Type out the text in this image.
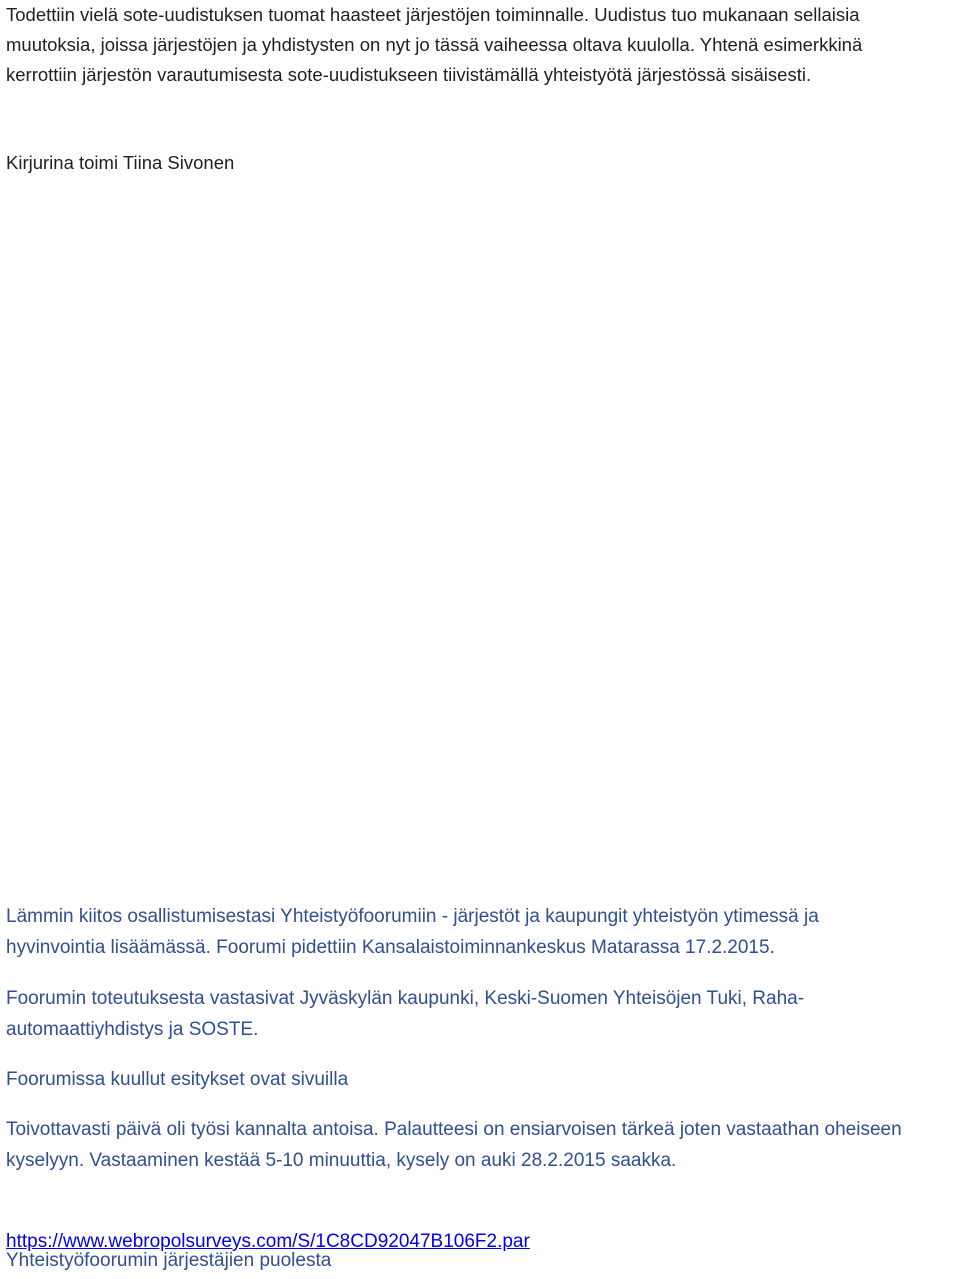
Todettiin vielä sote-uudistuksen tuomat haasteet järjestöjen toiminnalle. Uudistus tuo mukanaan sellaisia
muutoksia, joissa järjestöjen ja yhdistysten on nyt jo tässä vaiheessa oltava kuulolla. Yhtenä esimerkkinä
kerrottiin järjestön varautumisesta sote-uudistukseen tiivistämällä yhteistyötä järjestössä sisäisesti.

Kirjurina toimi Tiina Sivonen

Lämmin kiitos osallistumisestasi Yhteistyöfoorumiin - järjestöt ja kaupungit yhteistyön ytimessä ja
hyvinvointia lisäämässä. Foorumi pidettiin Kansalaistoiminnankeskus Matarassa 17.2.2015.

Foorumin toteutuksesta vastasivat Jyväskylän kaupunki, Keski-Suomen Yhteisöjen Tuki, Raha-
automaattiyhdistys ja SOSTE.

Foorumissa kuullut esitykset ovat sivuilla

Toivottavasti päivä oli työsi kannalta antoisa. Palautteesi on ensiarvoisen tärkeä joten vastaathan oheiseen
kyselyyn. Vastaaminen kestää 5-10 minuuttia, kysely on auki 28.2.2015 saakka.

https://www.webropolsurveys.com/S/1C8CD92047B106F2.par

Yhteistyöfoorumin järjestäjien puolesta
